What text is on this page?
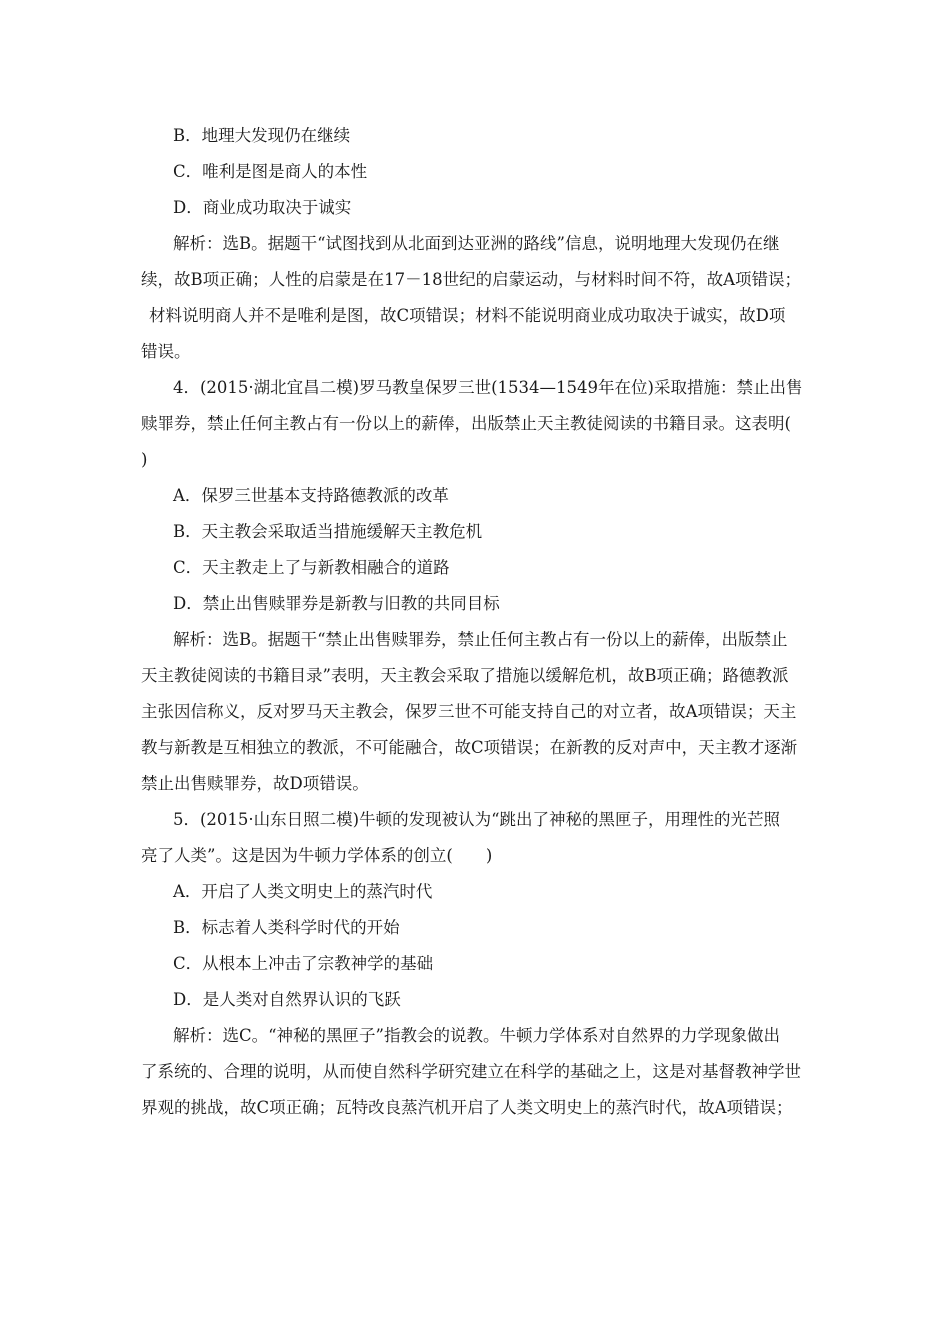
B．地理大发现仍在继续
C．唯利是图是商人的本性
D．商业成功取决于诚实
解析：选B。据题干“试图找到从北面到达亚洲的路线”信息，说明地理大发现仍在继
续，故B项正确；人性的启蒙是在17－18世纪的启蒙运动，与材料时间不符，故A项错误；
材料说明商人并不是唯利是图，故C项错误；材料不能说明商业成功取决于诚实，故D项
错误。
4．(2015·湖北宜昌二模)罗马教皇保罗三世(1534—1549年在位)采取措施：禁止出售
赎罪券，禁止任何主教占有一份以上的薪俸，出版禁止天主教徒阅读的书籍目录。这表明(
)
A．保罗三世基本支持路德教派的改革
B．天主教会采取适当措施缓解天主教危机
C．天主教走上了与新教相融合的道路
D．禁止出售赎罪券是新教与旧教的共同目标
解析：选B。据题干“禁止出售赎罪券，禁止任何主教占有一份以上的薪俸，出版禁止
天主教徒阅读的书籍目录”表明，天主教会采取了措施以缓解危机，故B项正确；路德教派
主张因信称义，反对罗马天主教会，保罗三世不可能支持自己的对立者，故A项错误；天主
教与新教是互相独立的教派，不可能融合，故C项错误；在新教的反对声中，天主教才逐渐
禁止出售赎罪券，故D项错误。
5．(2015·山东日照二模)牛顿的发现被认为“跳出了神秘的黑匣子，用理性的光芒照
亮了人类”。这是因为牛顿力学体系的创立(　　)
A．开启了人类文明史上的蒸汽时代
B．标志着人类科学时代的开始
C．从根本上冲击了宗教神学的基础
D．是人类对自然界认识的飞跃
解析：选C。“神秘的黑匣子”指教会的说教。牛顿力学体系对自然界的力学现象做出
了系统的、合理的说明，从而使自然科学研究建立在科学的基础之上，这是对基督教神学世
界观的挑战，故C项正确；瓦特改良蒸汽机开启了人类文明史上的蒸汽时代，故A项错误；
